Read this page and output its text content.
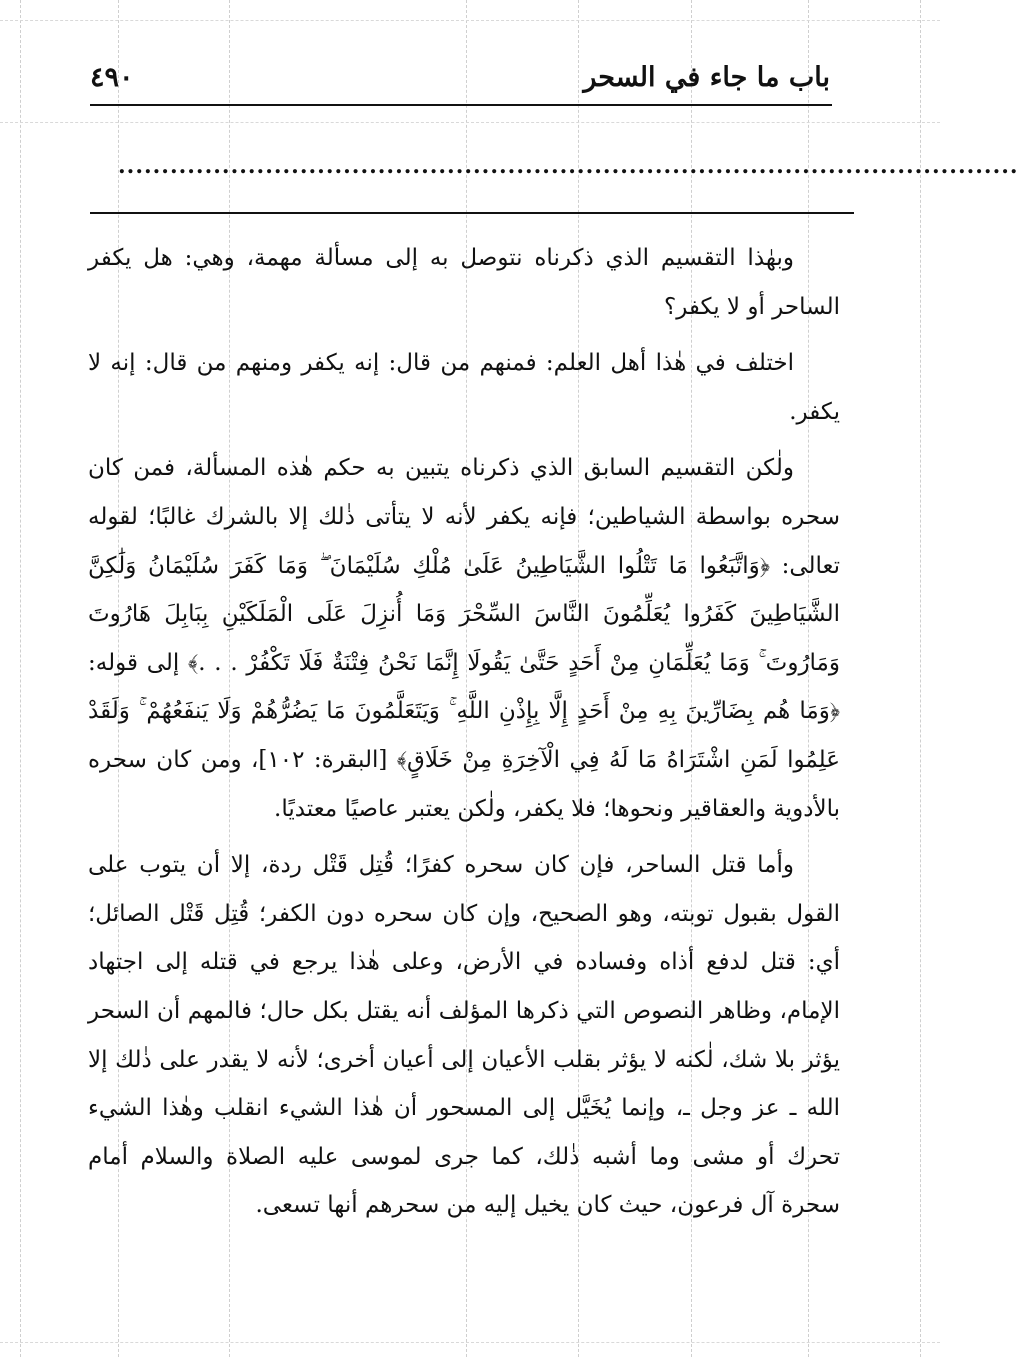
باب ما جاء في السحر
٤٩٠
........................................................................................................

وبهٰذا التقسيم الذي ذكرناه نتوصل به إلى مسألة مهمة، وهي: هل يكفر الساحر أو لا يكفر؟

اختلف في هٰذا أهل العلم: فمنهم من قال: إنه يكفر ومنهم من قال: إنه لا يكفر.

ولٰكن التقسيم السابق الذي ذكرناه يتبين به حكم هٰذه المسألة، فمن كان سحره بواسطة الشياطين؛ فإنه يكفر لأنه لا يتأتى ذٰلك إلا بالشرك غالبًا؛ لقوله تعالى: ﴿وَاتَّبَعُوا مَا تَتْلُوا الشَّيَاطِينُ عَلَىٰ مُلْكِ سُلَيْمَانَ ۖ وَمَا كَفَرَ سُلَيْمَانُ وَلَٰكِنَّ الشَّيَاطِينَ كَفَرُوا يُعَلِّمُونَ النَّاسَ السِّحْرَ وَمَا أُنزِلَ عَلَى الْمَلَكَيْنِ بِبَابِلَ هَارُوتَ وَمَارُوتَ ۚ وَمَا يُعَلِّمَانِ مِنْ أَحَدٍ حَتَّىٰ يَقُولَا إِنَّمَا نَحْنُ فِتْنَةٌ فَلَا تَكْفُرْ . . .﴾ إلى قوله: ﴿وَمَا هُم بِضَارِّينَ بِهِ مِنْ أَحَدٍ إِلَّا بِإِذْنِ اللَّهِ ۚ وَيَتَعَلَّمُونَ مَا يَضُرُّهُمْ وَلَا يَنفَعُهُمْ ۚ وَلَقَدْ عَلِمُوا لَمَنِ اشْتَرَاهُ مَا لَهُ فِي الْآخِرَةِ مِنْ خَلَاقٍ﴾ [البقرة: ١٠٢]، ومن كان سحره بالأدوية والعقاقير ونحوها؛ فلا يكفر، ولٰكن يعتبر عاصيًا معتديًا.

وأما قتل الساحر، فإن كان سحره كفرًا؛ قُتِل قَتْل ردة، إلا أن يتوب على القول بقبول توبته، وهو الصحيح، وإن كان سحره دون الكفر؛ قُتِل قَتْل الصائل؛ أي: قتل لدفع أذاه وفساده في الأرض، وعلى هٰذا يرجع في قتله إلى اجتهاد الإمام، وظاهر النصوص التي ذكرها المؤلف أنه يقتل بكل حال؛ فالمهم أن السحر يؤثر بلا شك، لٰكنه لا يؤثر بقلب الأعيان إلى أعيان أخرى؛ لأنه لا يقدر على ذٰلك إلا الله ـ عز وجل ـ، وإنما يُخَيَّل إلى المسحور أن هٰذا الشيء انقلب وهٰذا الشيء تحرك أو مشى وما أشبه ذٰلك، كما جرى لموسى عليه الصلاة والسلام أمام سحرة آل فرعون، حيث كان يخيل إليه من سحرهم أنها تسعى.
